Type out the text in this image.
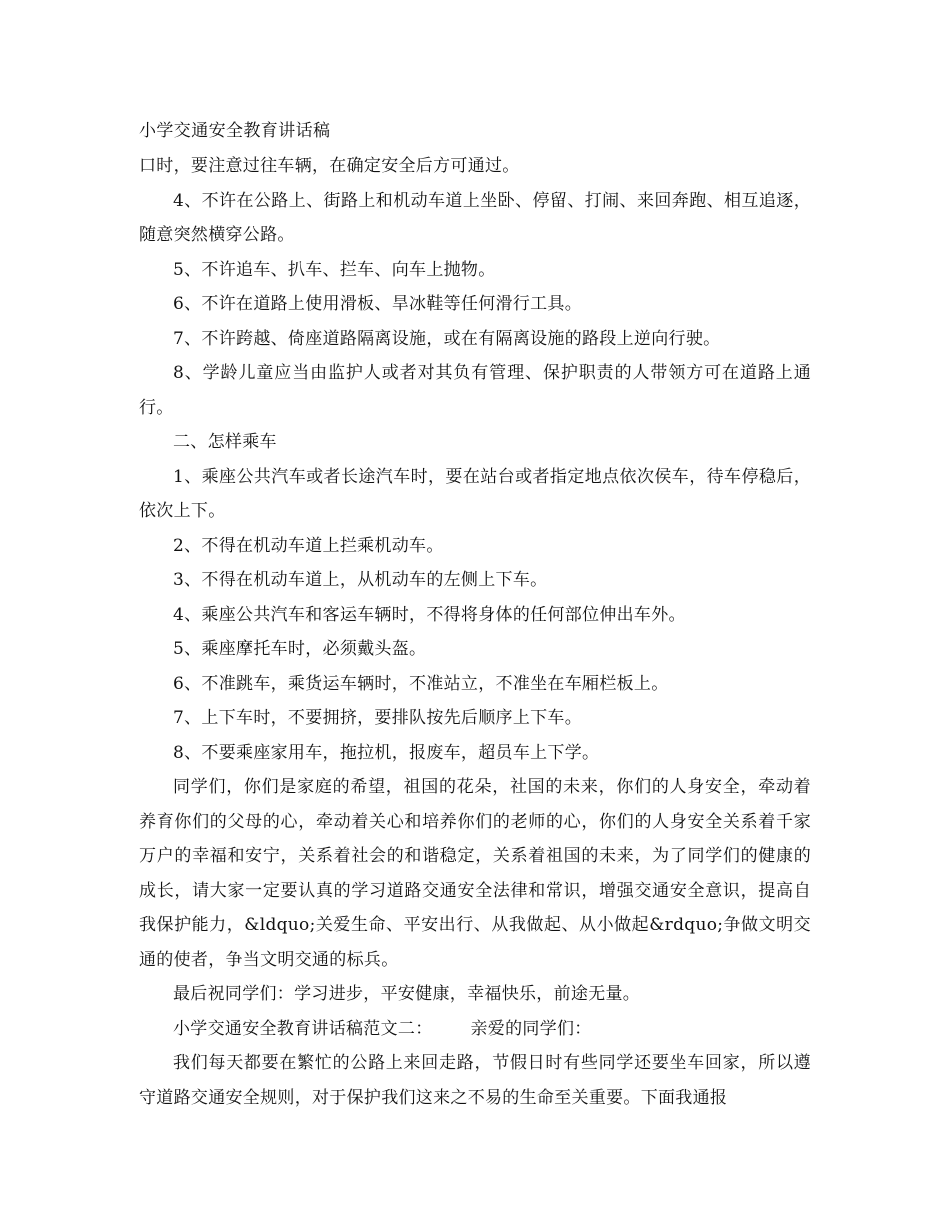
小学交通安全教育讲话稿

口时，要注意过往车辆，在确定安全后方可通过。

4、不许在公路上、街路上和机动车道上坐卧、停留、打闹、来回奔跑、相互追逐，随意突然横穿公路。

5、不许追车、扒车、拦车、向车上抛物。

6、不许在道路上使用滑板、旱冰鞋等任何滑行工具。

7、不许跨越、倚座道路隔离设施，或在有隔离设施的路段上逆向行驶。

8、学龄儿童应当由监护人或者对其负有管理、保护职责的人带领方可在道路上通行。

二、怎样乘车

1、乘座公共汽车或者长途汽车时，要在站台或者指定地点依次侯车，待车停稳后，依次上下。

2、不得在机动车道上拦乘机动车。

3、不得在机动车道上，从机动车的左侧上下车。

4、乘座公共汽车和客运车辆时，不得将身体的任何部位伸出车外。

5、乘座摩托车时，必须戴头盔。

6、不准跳车，乘货运车辆时，不准站立，不准坐在车厢栏板上。

7、上下车时，不要拥挤，要排队按先后顺序上下车。

8、不要乘座家用车，拖拉机，报废车，超员车上下学。

同学们，你们是家庭的希望，祖国的花朵，社国的未来，你们的人身安全，牵动着养育你们的父母的心，牵动着关心和培养你们的老师的心，你们的人身安全关系着千家万户的幸福和安宁，关系着社会的和谐稳定，关系着祖国的未来，为了同学们的健康的成长，请大家一定要认真的学习道路交通安全法律和常识，增强交通安全意识，提高自我保护能力，&ldquo;关爱生命、平安出行、从我做起、从小做起&rdquo;争做文明交通的使者，争当文明交通的标兵。

最后祝同学们：学习进步，平安健康，幸福快乐，前途无量。

小学交通安全教育讲话稿范文二： 亲爱的同学们：

我们每天都要在繁忙的公路上来回走路，节假日时有些同学还要坐车回家，所以遵守道路交通安全规则，对于保护我们这来之不易的生命至关重要。下面我通报
